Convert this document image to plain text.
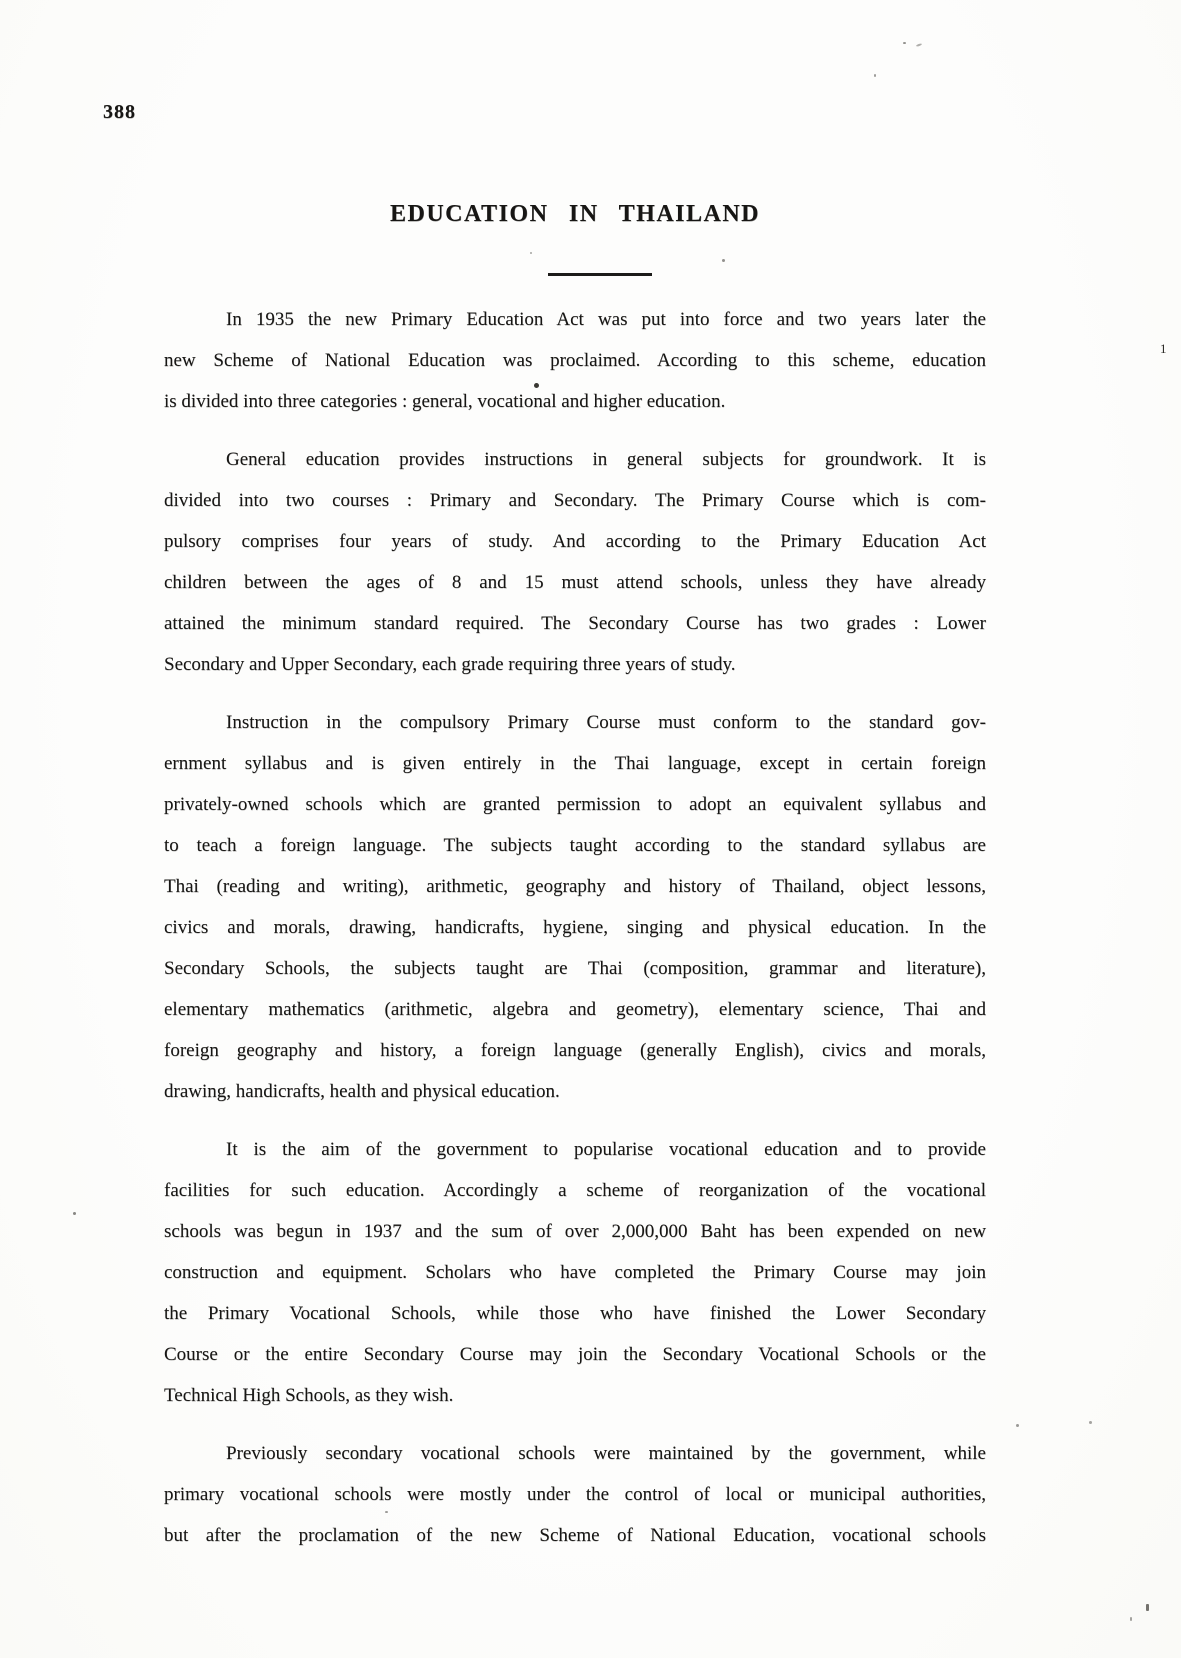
388
EDUCATION IN THAILAND

In 1935 the new Primary Education Act was put into force and two years later the
new Scheme of National Education was proclaimed. According to this scheme, education
is divided into three categories : general, vocational and higher education.

General education provides instructions in general subjects for groundwork. It is
divided into two courses : Primary and Secondary. The Primary Course which is com-
pulsory comprises four years of study. And according to the Primary Education Act
children between the ages of 8 and 15 must attend schools, unless they have already
attained the minimum standard required. The Secondary Course has two grades : Lower
Secondary and Upper Secondary, each grade requiring three years of study.

Instruction in the compulsory Primary Course must conform to the standard gov-
ernment syllabus and is given entirely in the Thai language, except in certain foreign
privately-owned schools which are granted permission to adopt an equivalent syllabus and
to teach a foreign language. The subjects taught according to the standard syllabus are
Thai (reading and writing), arithmetic, geography and history of Thailand, object lessons,
civics and morals, drawing, handicrafts, hygiene, singing and physical education. In the
Secondary Schools, the subjects taught are Thai (composition, grammar and literature),
elementary mathematics (arithmetic, algebra and geometry), elementary science, Thai and
foreign geography and history, a foreign language (generally English), civics and morals,
drawing, handicrafts, health and physical education.

It is the aim of the government to popularise vocational education and to provide
facilities for such education. Accordingly a scheme of reorganization of the vocational
schools was begun in 1937 and the sum of over 2,000,000 Baht has been expended on new
construction and equipment. Scholars who have completed the Primary Course may join
the Primary Vocational Schools, while those who have finished the Lower Secondary
Course or the entire Secondary Course may join the Secondary Vocational Schools or the
Technical High Schools, as they wish.

Previously secondary vocational schools were maintained by the government, while
primary vocational schools were mostly under the control of local or municipal authorities,
but after the proclamation of the new Scheme of National Education, vocational schools

1
